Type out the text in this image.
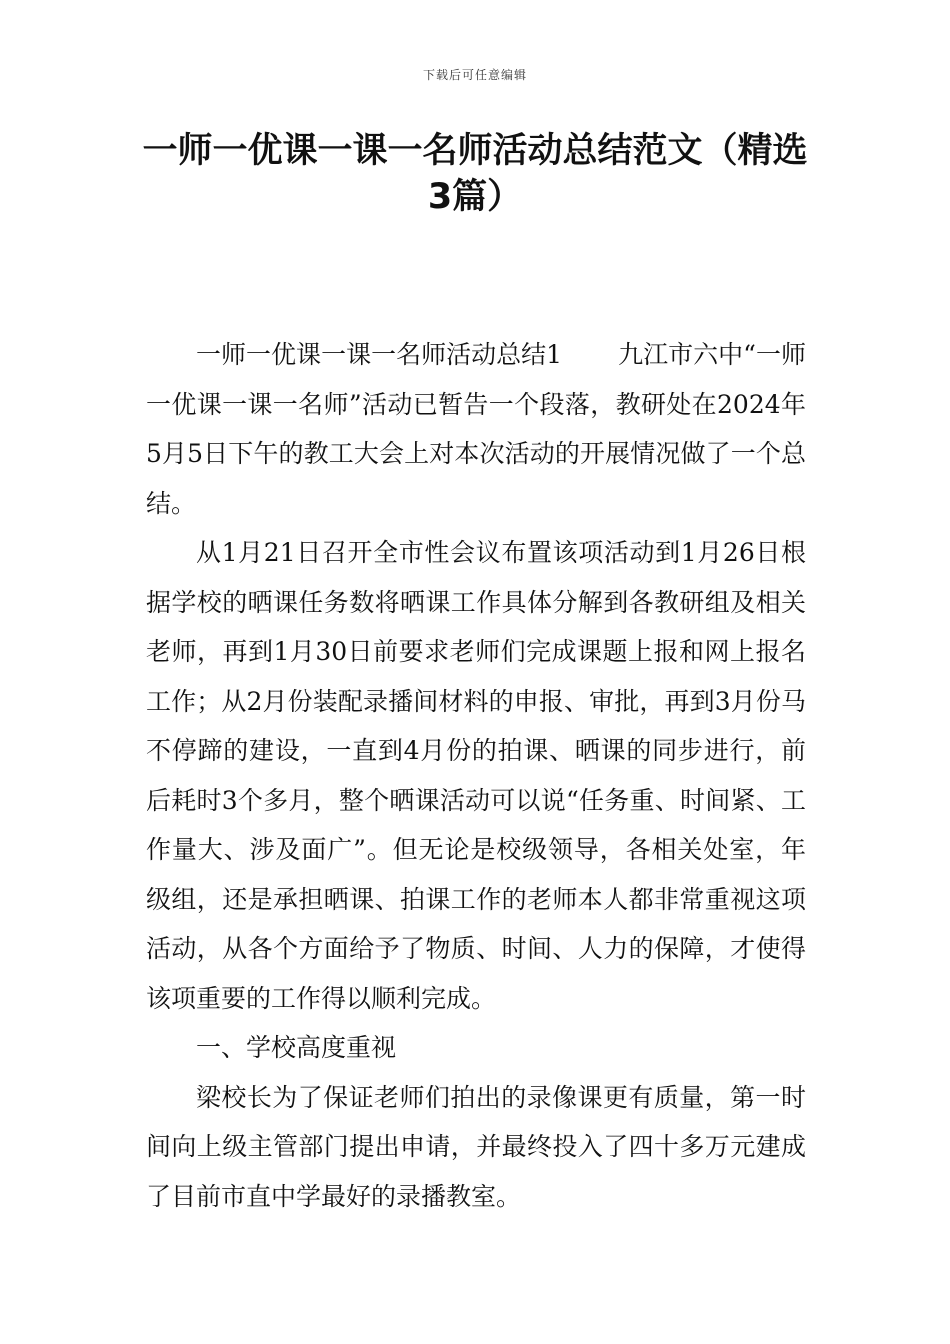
下载后可任意编辑
一师一优课一课一名师活动总结范文（精选3篇）

一师一优课一课一名师活动总结1 九江市六中“一师一优课一课一名师”活动已暂告一个段落，教研处在2024年5月5日下午的教工大会上对本次活动的开展情况做了一个总结。

从1月21日召开全市性会议布置该项活动到1月26日根据学校的晒课任务数将晒课工作具体分解到各教研组及相关老师，再到1月30日前要求老师们完成课题上报和网上报名工作；从2月份装配录播间材料的申报、审批，再到3月份马不停蹄的建设，一直到4月份的拍课、晒课的同步进行，前后耗时3个多月，整个晒课活动可以说“任务重、时间紧、工作量大、涉及面广”。但无论是校级领导，各相关处室，年级组，还是承担晒课、拍课工作的老师本人都非常重视这项活动，从各个方面给予了物质、时间、人力的保障，才使得该项重要的工作得以顺利完成。

一、学校高度重视

梁校长为了保证老师们拍出的录像课更有质量，第一时间向上级主管部门提出申请，并最终投入了四十多万元建成了目前市直中学最好的录播教室。
